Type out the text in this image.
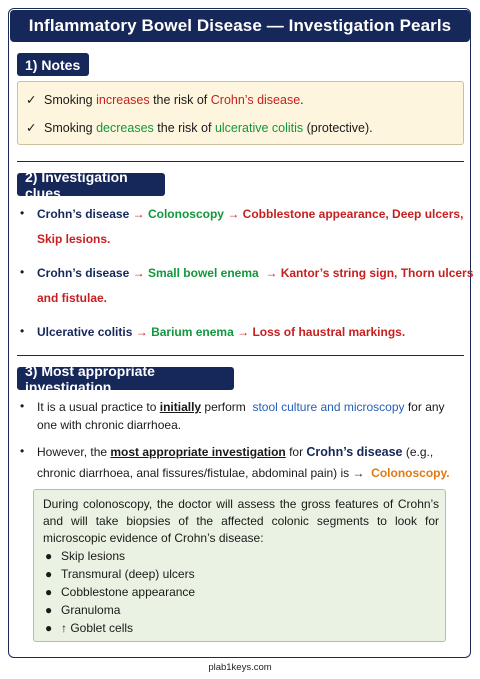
Inflammatory Bowel Disease — Investigation Pearls
1) Notes
✓ Smoking increases the risk of Crohn’s disease.
✓ Smoking decreases the risk of ulcerative colitis (protective).
2) Investigation clues
• Crohn’s disease → Colonoscopy → Cobblestone appearance, Deep ulcers,
Skip lesions.
• Crohn’s disease → Small bowel enema → Kantor’s string sign, Thorn ulcers
and fistulae.
• Ulcerative colitis → Barium enema → Loss of haustral markings.
3) Most appropriate investigation
• It is a usual practice to initially perform  stool culture and microscopy for any
one with chronic diarrhoea.
• However, the most appropriate investigation for Crohn’s disease (e.g.,
chronic diarrhoea, anal fissures/fistulae, abdominal pain) is → Colonoscopy.
During colonoscopy, the doctor will assess the gross features of Crohn’s and will take biopsies of the affected colonic segments to look for microscopic evidence of Crohn’s disease:
● Skip lesions
● Transmural (deep) ulcers
● Cobblestone appearance
● Granuloma
● ↑ Goblet cells
plab1keys.com
